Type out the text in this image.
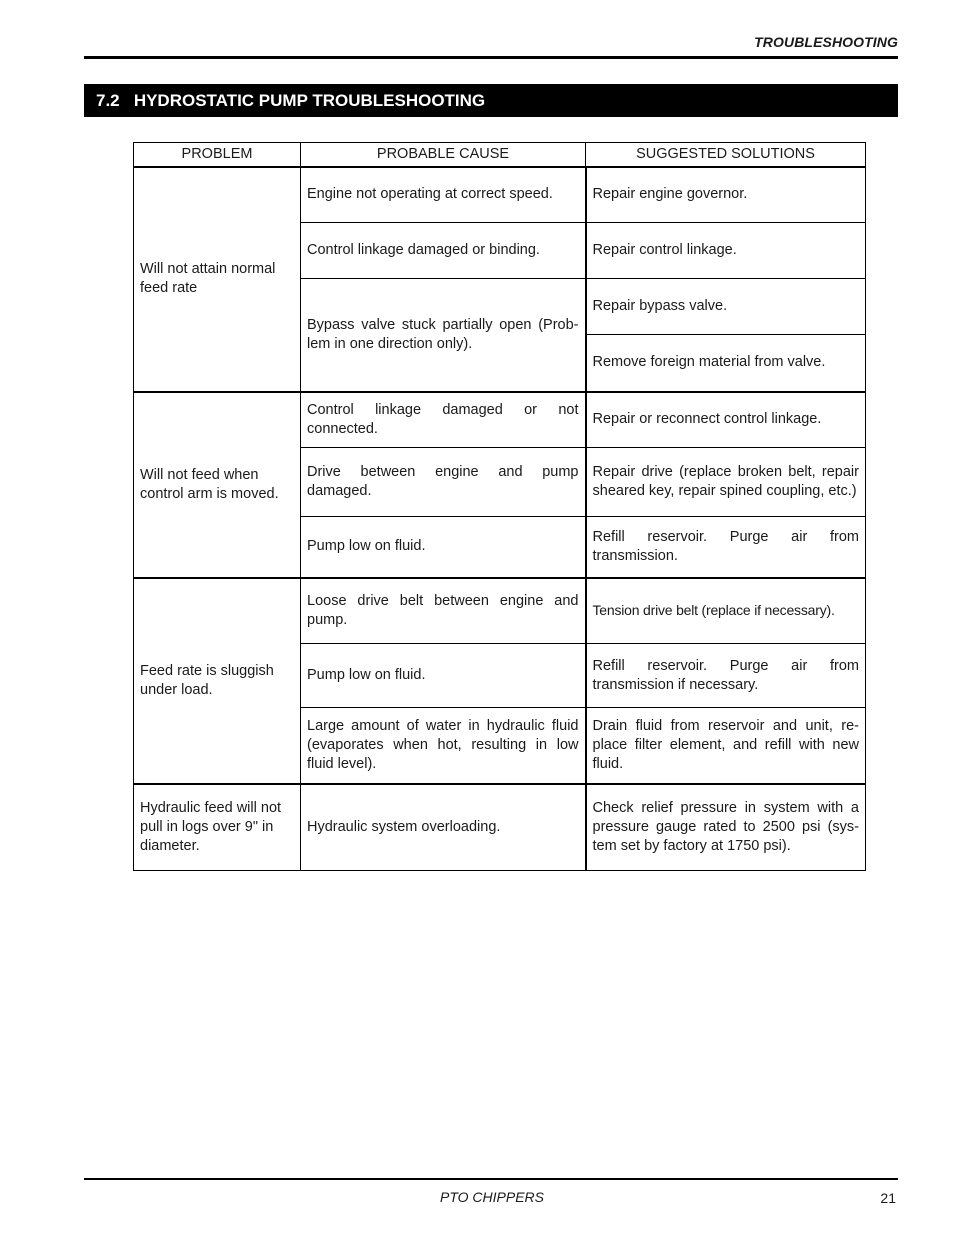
TROUBLESHOOTING
7.2 HYDROSTATIC PUMP TROUBLESHOOTING
PROBLEM	PROBABLE CAUSE	SUGGESTED SOLUTIONS
Will not attain normal feed rate	Engine not operating at correct speed.	Repair engine governor.
	Control linkage damaged or binding.	Repair control linkage.
	Bypass valve stuck partially open (Prob-lem in one direction only).	Repair bypass valve.
		Remove foreign material from valve.
Will not feed when control arm is moved.	Control linkage damaged or not connected.	Repair or reconnect control linkage.
	Drive between engine and pump damaged.	Repair drive (replace broken belt, repair sheared key, repair spined coupling, etc.)
	Pump low on fluid.	Refill reservoir. Purge air from transmission.
Feed rate is sluggish under load.	Loose drive belt between engine and pump.	Tension drive belt (replace if necessary).
	Pump low on fluid.	Refill reservoir. Purge air from transmission if necessary.
	Large amount of water in hydraulic fluid (evaporates when hot, resulting in low fluid level).	Drain fluid from reservoir and unit, re-place filter element, and refill with new fluid.
Hydraulic feed will not pull in logs over 9" in diameter.	Hydraulic system overloading.	Check relief pressure in system with a pressure gauge rated to 2500 psi (sys-tem set by factory at 1750 psi).
PTO CHIPPERS	21
